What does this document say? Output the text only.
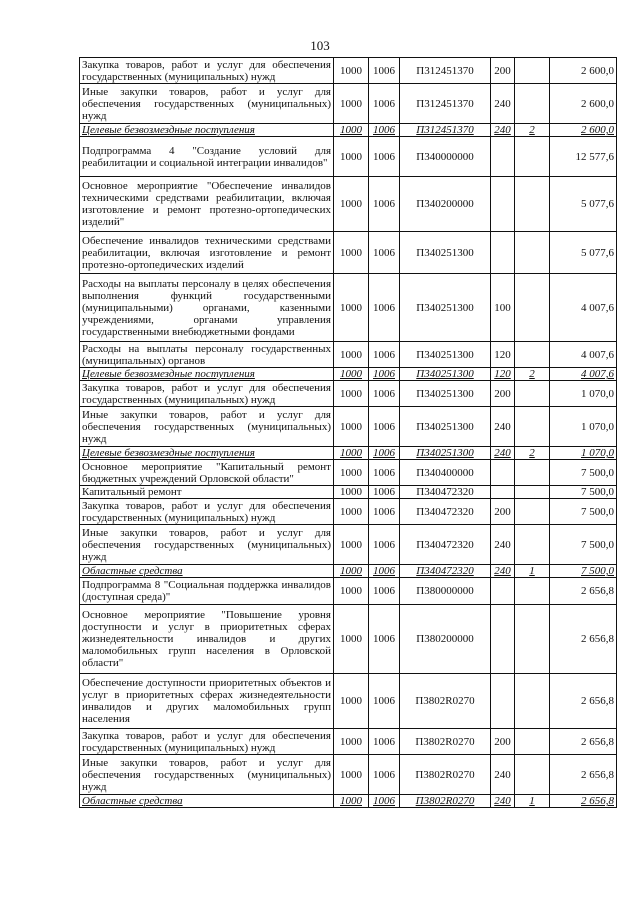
103
Закупка товаров, работ и услуг для обеспечения государственных (муниципальных) нужд	1000	1006	П312451370	200		2 600,0
Иные закупки товаров, работ и услуг для обеспечения государственных (муниципальных) нужд	1000	1006	П312451370	240		2 600,0
Целевые безвозмездные поступления	1000	1006	П312451370	240	2	2 600,0
Подпрограмма 4 "Создание условий для реабилитации и социальной интеграции инвалидов"	1000	1006	П340000000			12 577,6
Основное мероприятие "Обеспечение инвалидов техническими средствами реабилитации, включая изготовление и ремонт протезно-ортопедических изделий"	1000	1006	П340200000			5 077,6
Обеспечение инвалидов техническими средствами реабилитации, включая изготовление и ремонт протезно-ортопедических изделий	1000	1006	П340251300			5 077,6
Расходы на выплаты персоналу в целях обеспечения выполнения функций государственными (муниципальными) органами, казенными учреждениями, органами управления государственными внебюджетными фондами	1000	1006	П340251300	100		4 007,6
Расходы на выплаты персоналу государственных (муниципальных) органов	1000	1006	П340251300	120		4 007,6
Целевые безвозмездные поступления	1000	1006	П340251300	120	2	4 007,6
Закупка товаров, работ и услуг для обеспечения государственных (муниципальных) нужд	1000	1006	П340251300	200		1 070,0
Иные закупки товаров, работ и услуг для обеспечения государственных (муниципальных) нужд	1000	1006	П340251300	240		1 070,0
Целевые безвозмездные поступления	1000	1006	П340251300	240	2	1 070,0
Основное мероприятие "Капитальный ремонт бюджетных учреждений Орловской области"	1000	1006	П340400000			7 500,0
Капитальный ремонт	1000	1006	П340472320			7 500,0
Закупка товаров, работ и услуг для обеспечения государственных (муниципальных) нужд	1000	1006	П340472320	200		7 500,0
Иные закупки товаров, работ и услуг для обеспечения государственных (муниципальных) нужд	1000	1006	П340472320	240		7 500,0
Областные средства	1000	1006	П340472320	240	1	7 500,0
Подпрограмма 8 "Социальная поддержка инвалидов (доступная среда)"	1000	1006	П380000000			2 656,8
Основное мероприятие "Повышение уровня доступности и услуг в приоритетных сферах жизнедеятельности инвалидов и других маломобильных групп населения в Орловской области"	1000	1006	П380200000			2 656,8
Обеспечение доступности приоритетных объектов и услуг в приоритетных сферах жизнедеятельности инвалидов и других маломобильных групп населения	1000	1006	П3802R0270			2 656,8
Закупка товаров, работ и услуг для обеспечения государственных (муниципальных) нужд	1000	1006	П3802R0270	200		2 656,8
Иные закупки товаров, работ и услуг для обеспечения государственных (муниципальных) нужд	1000	1006	П3802R0270	240		2 656,8
Областные средства	1000	1006	П3802R0270	240	1	2 656,8
